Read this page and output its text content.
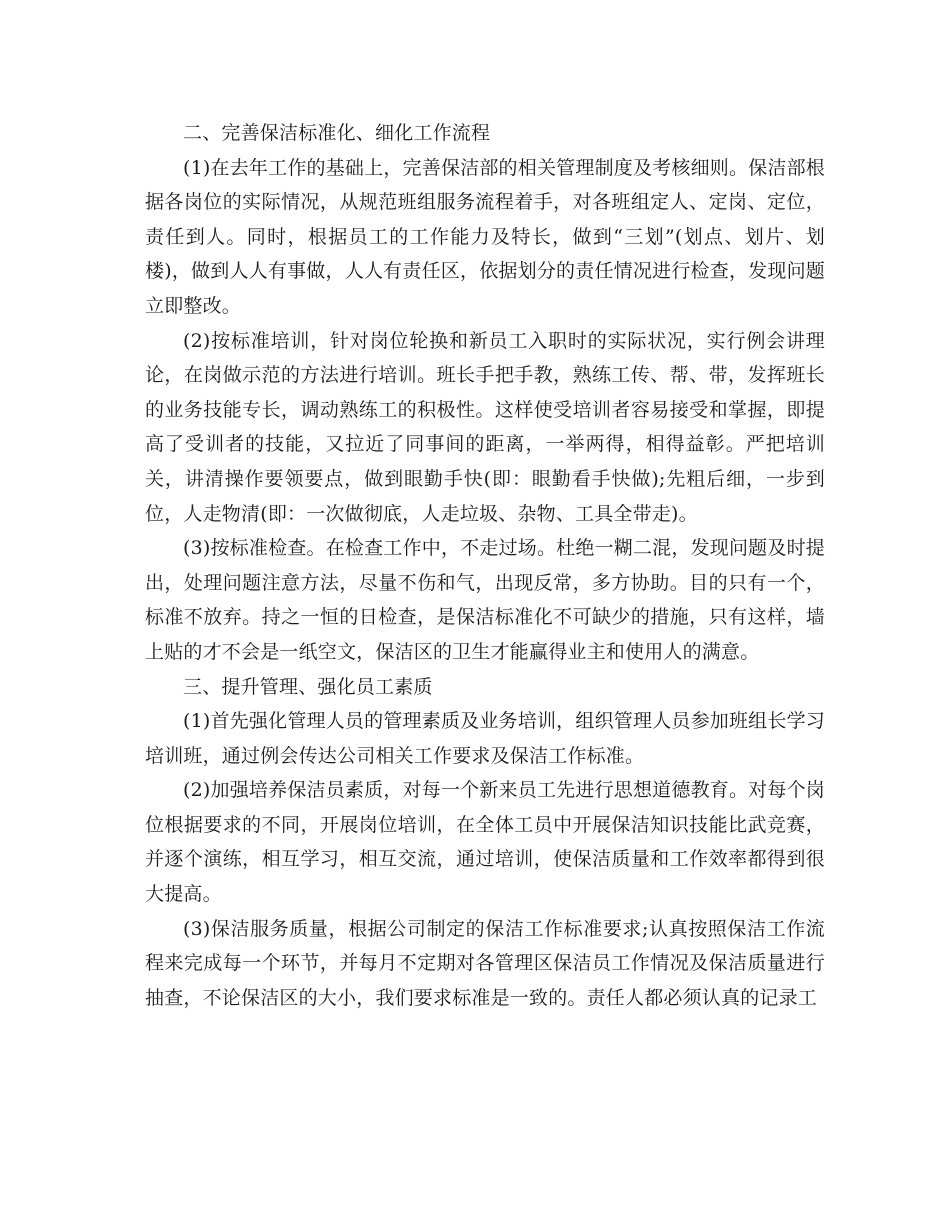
二、完善保洁标准化、细化工作流程

(1)在去年工作的基础上，完善保洁部的相关管理制度及考核细则。保洁部根据各岗位的实际情况，从规范班组服务流程着手，对各班组定人、定岗、定位，责任到人。同时，根据员工的工作能力及特长，做到“三划”(划点、划片、划楼)，做到人人有事做，人人有责任区，依据划分的责任情况进行检查，发现问题立即整改。

(2)按标准培训，针对岗位轮换和新员工入职时的实际状况，实行例会讲理论，在岗做示范的方法进行培训。班长手把手教，熟练工传、帮、带，发挥班长的业务技能专长，调动熟练工的积极性。这样使受培训者容易接受和掌握，即提高了受训者的技能，又拉近了同事间的距离，一举两得，相得益彰。严把培训关，讲清操作要领要点，做到眼勤手快(即：眼勤看手快做);先粗后细，一步到位，人走物清(即：一次做彻底，人走垃圾、杂物、工具全带走)。

(3)按标准检查。在检查工作中，不走过场。杜绝一糊二混，发现问题及时提出，处理问题注意方法，尽量不伤和气，出现反常，多方协助。目的只有一个，标准不放弃。持之一恒的日检查，是保洁标准化不可缺少的措施，只有这样，墙上贴的才不会是一纸空文，保洁区的卫生才能赢得业主和使用人的满意。

三、提升管理、强化员工素质

(1)首先强化管理人员的管理素质及业务培训，组织管理人员参加班组长学习培训班，通过例会传达公司相关工作要求及保洁工作标准。

(2)加强培养保洁员素质，对每一个新来员工先进行思想道德教育。对每个岗位根据要求的不同，开展岗位培训，在全体工员中开展保洁知识技能比武竞赛，并逐个演练，相互学习，相互交流，通过培训，使保洁质量和工作效率都得到很大提高。

(3)保洁服务质量，根据公司制定的保洁工作标准要求;认真按照保洁工作流程来完成每一个环节，并每月不定期对各管理区保洁员工作情况及保洁质量进行抽查，不论保洁区的大小，我们要求标准是一致的。责任人都必须认真的记录工
